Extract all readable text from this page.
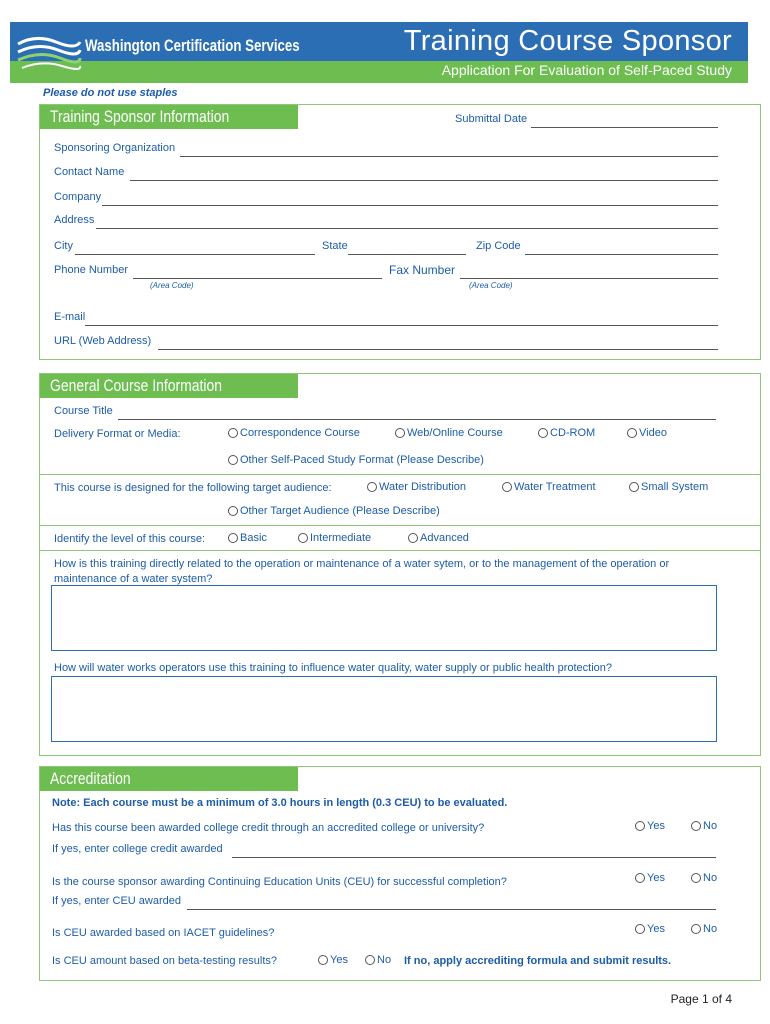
Washington Certification Services	Training Course Sponsor
Application For Evaluation of Self-Paced Study
Please do not use staples
Training Sponsor Information	Submittal Date
Sponsoring Organization
Contact Name
Company
Address
City	State	Zip Code
Phone Number	Fax Number
(Area Code)	(Area Code)
E-mail
URL (Web Address)
General Course Information
Course Title
Delivery Format or Media:	Correspondence Course	Web/Online Course	CD-ROM	Video
Other Self-Paced Study Format (Please Describe)
This course is designed for the following target audience:	Water Distribution	Water Treatment	Small System
Other Target Audience (Please Describe)
Identify the level of this course:	Basic	Intermediate	Advanced
How is this training directly related to the operation or maintenance of a water sytem, or to the management of the operation or maintenance of a water system?
How will water works operators use this training to influence water quality, water supply or public health protection?
Accreditation
Note: Each course must be a minimum of 3.0 hours in length (0.3 CEU) to be evaluated.
Has this course been awarded college credit through an accredited college or university?	Yes	No
If yes, enter college credit awarded
Is the course sponsor awarding Continuing Education Units (CEU) for successful completion?	Yes	No
If yes, enter CEU awarded
Is CEU awarded based on IACET guidelines?	Yes	No
Is CEU amount based on beta-testing results?	Yes	No If no, apply accrediting formula and submit results.
Page 1 of 4
